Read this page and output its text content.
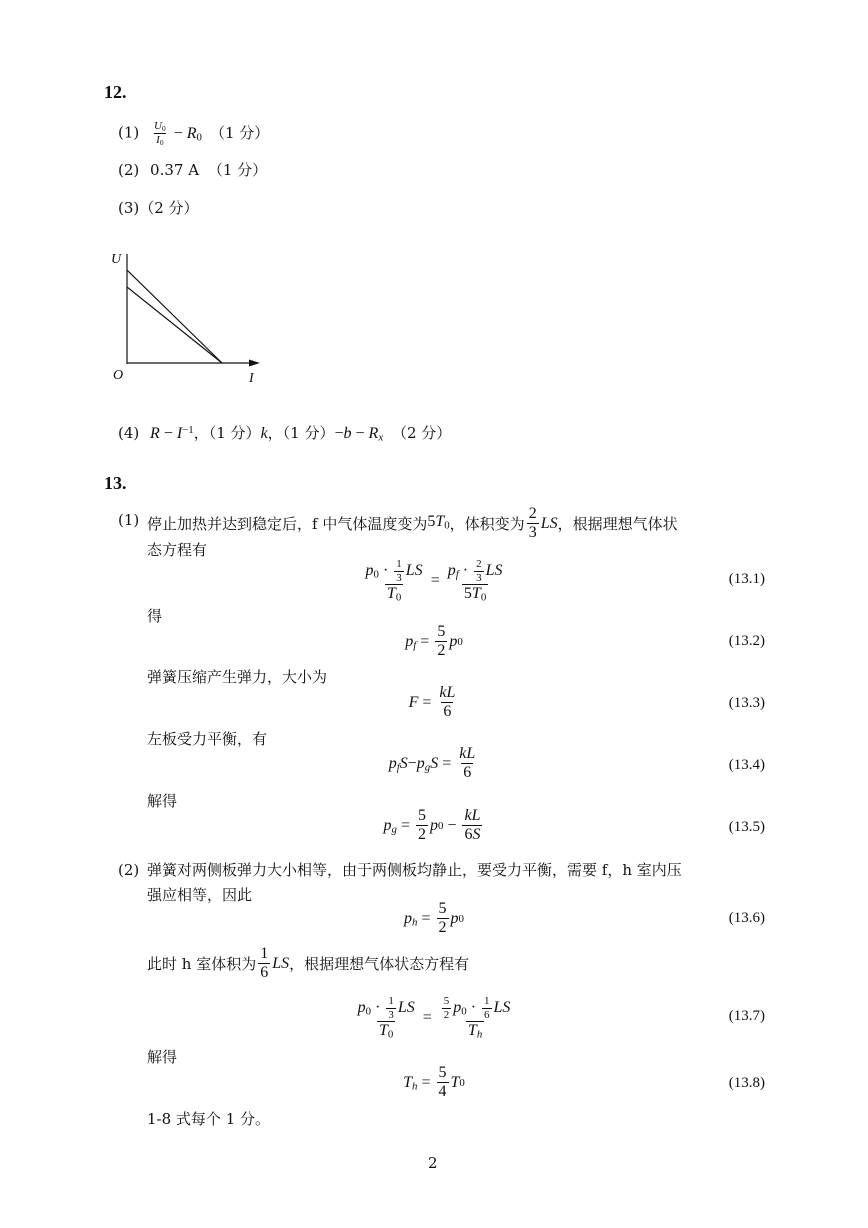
12.
$(1) \frac{U_0}{I_0} - R_0$ （1 分）
(2) 0.37 A （1 分）
(3)（2 分）
U
I
O
(4) $R - I^{-1}$，（1 分）k，（1 分）$-b - R_x$ （2 分）
13.
(1) 停止加热并达到稳定后，f 中气体温度变为 $5T_0$ ，体积变为 $\frac{2}{3}$ LS ，根据理想气体状
态方程有
$\frac{p_0 \cdot \frac{1}{3} LS}{T_0} = \frac{p_f \cdot \frac{2}{3} LS}{5T_0}$	(13.1)
得
$p_f = \frac{5}{2}$ p 0	(13.2)
弹簧压缩产生弹力，大小为
$F = \frac{kL}{6}$	(13.3)
左板受力平衡，有
$p_fS - p_gS = \frac{kL}{6}$	(13.4)
解得
$p_g = \frac{5}{2}$ p $0 - \frac{kL}{6S}$	(13.5)
(2) 弹簧对两侧板弹力大小相等，由于两侧板均静止，要受力平衡，需要 f，h 室内压
强应相等，因此
$p_h = \frac{5}{2}$ p 0	(13.6)
此时 h 室体积为 $\frac{1}{6}$ LS ，根据理想气体状态方程有
$\frac{p_0 \cdot \frac{1}{3} LS}{T_0} = \frac{\frac{5}{2} p_0 \cdot \frac{1}{6} LS}{T_h}$	(13.7)
解得
$T_h = \frac{5}{4}$ T 0	(13.8)
1-8 式每个 1 分。
2
